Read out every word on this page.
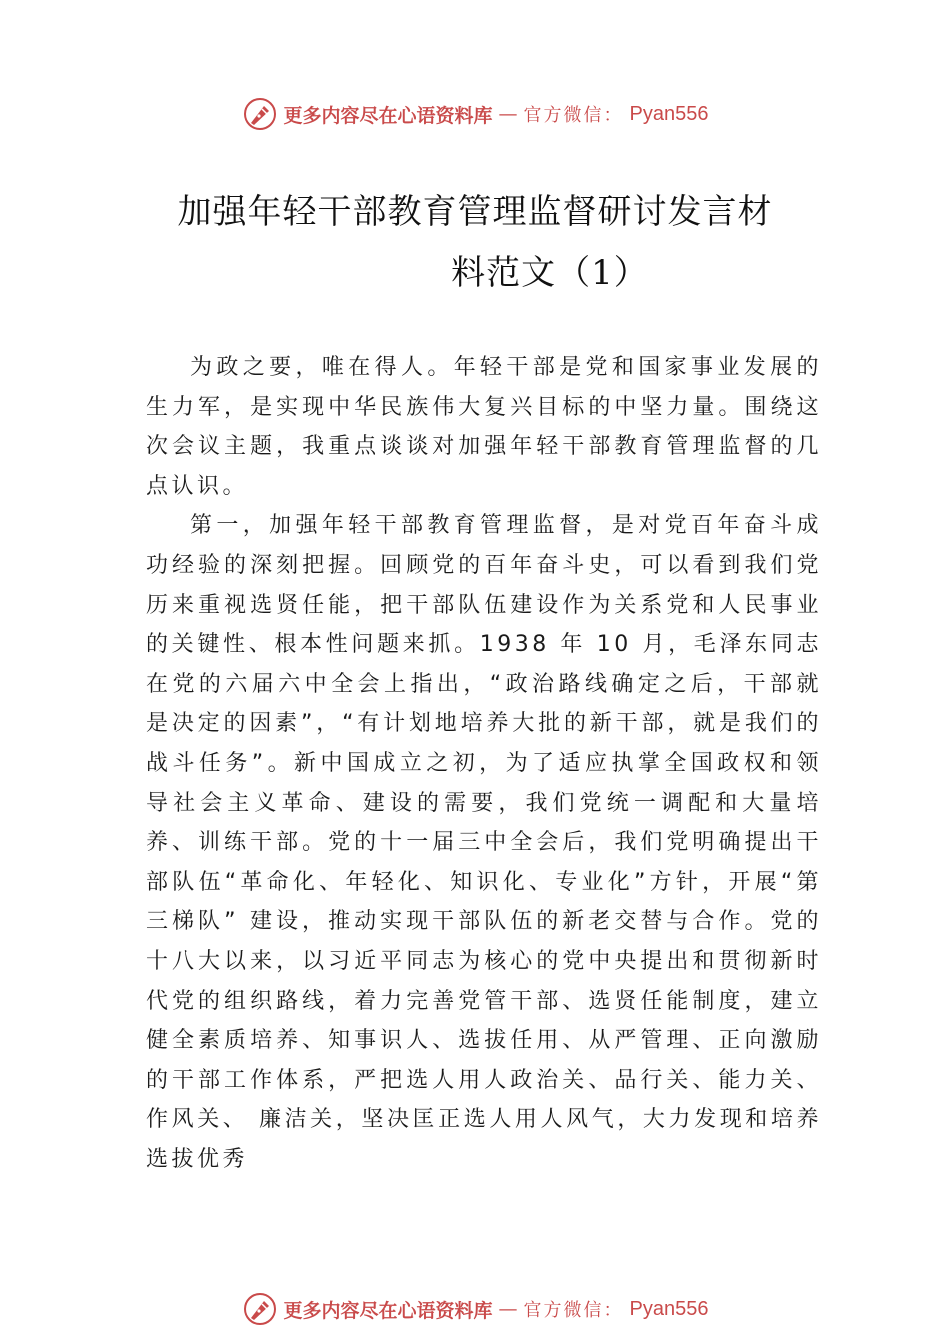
更多内容尽在心语资料库 — 官方微信： Pyan556
加强年轻干部教育管理监督研讨发言材
料范文（1）

为政之要，唯在得人。年轻干部是党和国家事业发展的生力军，是实现中华民族伟大复兴目标的中坚力量。围绕这次会议主题，我重点谈谈对加强年轻干部教育管理监督的几点认识。

第一，加强年轻干部教育管理监督，是对党百年奋斗成功经验的深刻把握。回顾党的百年奋斗史，可以看到我们党历来重视选贤任能，把干部队伍建设作为关系党和人民事业的关键性、根本性问题来抓。1938 年 10 月，毛泽东同志在党的六届六中全会上指出，“政治路线确定之后，干部就是决定的因素”，“有计划地培养大批的新干部，就是我们的战斗任务”。新中国成立之初，为了适应执掌全国政权和领导社会主义革命、建设的需要，我们党统一调配和大量培养、训练干部。党的十一届三中全会后，我们党明确提出干部队伍“革命化、年轻化、知识化、专业化”方针，开展“第三梯队” 建设，推动实现干部队伍的新老交替与合作。党的十八大以来，以习近平同志为核心的党中央提出和贯彻新时代党的组织路线，着力完善党管干部、选贤任能制度，建立健全素质培养、知事识人、选拔任用、从严管理、正向激励的干部工作体系，严把选人用人政治关、品行关、能力关、作风关、 廉洁关，坚决匡正选人用人风气，大力发现和培养选拔优秀

更多内容尽在心语资料库 — 官方微信： Pyan556
